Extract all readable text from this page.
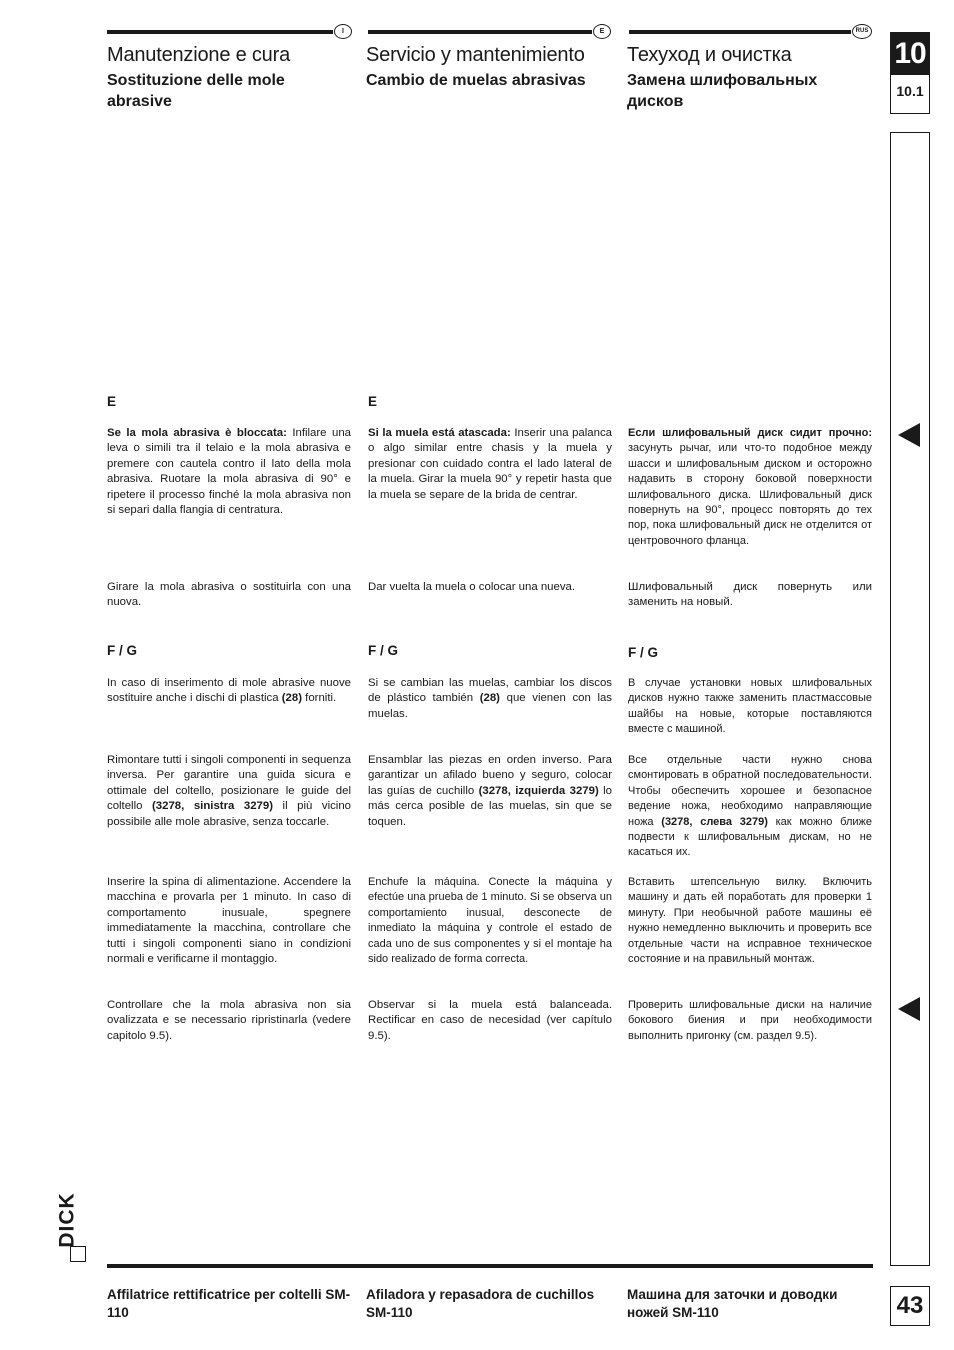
I	E	RUS
10
10.1
Manutenzione e cura
Sostituzione delle mole abrasive
Servicio y mantenimiento
Cambio de muelas abrasivas
Техуход и очистка
Замена шлифовальных дисков
E	E

Se la mola abrasiva è bloccata: Infilare una leva o simili tra il telaio e la mola abrasiva e premere con cautela contro il lato della mola abrasiva. Ruotare la mola abrasiva di 90° e ripetere il processo finché la mola abrasiva non si separi dalla flangia di centratura.

Si la muela está atascada: Inserir una palanca o algo similar entre chasis y la muela y presionar con cuidado contra el lado lateral de la muela. Girar la muela 90° y repetir hasta que la muela se separe de la brida de centrar.

Если шлифовальный диск сидит прочно: засунуть рычаг, или что-то подобное между шасси и шлифовальным диском и осторожно надавить в сторону боковой поверхности шлифовального диска. Шлифовальный диск повернуть на 90°, процесс повторять до тех пор, пока шлифовальный диск не отделится от центровочного фланца.

Girare la mola abrasiva o sostituirla con una nuova.

Dar vuelta la muela o colocar una nueva.	Шлифовальный диск повернуть или заменить на новый.

F / G	F / G	F / G

In caso di inserimento di mole abrasive nuove sostituire anche i dischi di plastica (28) forniti.

Si se cambian las muelas, cambiar los discos de plástico también (28) que vienen con las muelas.

В случае установки новых шлифовальных дисков нужно также заменить пластмассовые шайбы на новые, которые поставляются вместе с машиной.

Rimontare tutti i singoli componenti in sequenza inversa. Per garantire una guida sicura e ottimale del coltello, posizionare le guide del coltello (3278, sinistra 3279) il più vicino possibile alle mole abrasive, senza toccarle.

Ensamblar las piezas en orden inverso. Para garantizar un afilado bueno y seguro, colocar las guías de cuchillo (3278, izquierda 3279) lo más cerca posible de las muelas, sin que se toquen.

Все отдельные части нужно снова смонтировать в обратной последовательности. Чтобы обеспечить хорошее и безопасное ведение ножа, необходимо направляющие ножа (3278, слева 3279) как можно ближе подвести к шлифовальным дискам, но не касаться их.

Inserire la spina di alimentazione. Accendere la macchina e provarla per 1 minuto. In caso di comportamento inusuale, spegnere immediatamente la macchina, controllare che tutti i singoli componenti siano in condizioni normali e verificarne il montaggio.

Enchufe la máquina. Conecte la máquina y efectúe una prueba de 1 minuto. Si se observa un comportamiento inusual, desconecte de inmediato la máquina y controle el estado de cada uno de sus componentes y si el montaje ha sido realizado de forma correcta.

Вставить штепсельную вилку. Включить машину и дать ей поработать для проверки 1 минуту. При необычной работе машины её нужно немедленно выключить и проверить все отдельные части на исправное техническое состояние и на правильный монтаж.

Controllare che la mola abrasiva non sia ovalizzata e se necessario ripristinarla (vedere capitolo 9.5).

Observar si la muela está balanceada. Rectificar en caso de necesidad (ver capítulo 9.5).

Проверить шлифовальные диски на наличие бокового биения и при необходимости выполнить пригонку (см. раздел 9.5).

DICK
Affilatrice rettificatrice per coltelli SM-110
Afiladora y repasadora de cuchillos SM-110
Машина для заточки и доводки ножей SM-110	43
